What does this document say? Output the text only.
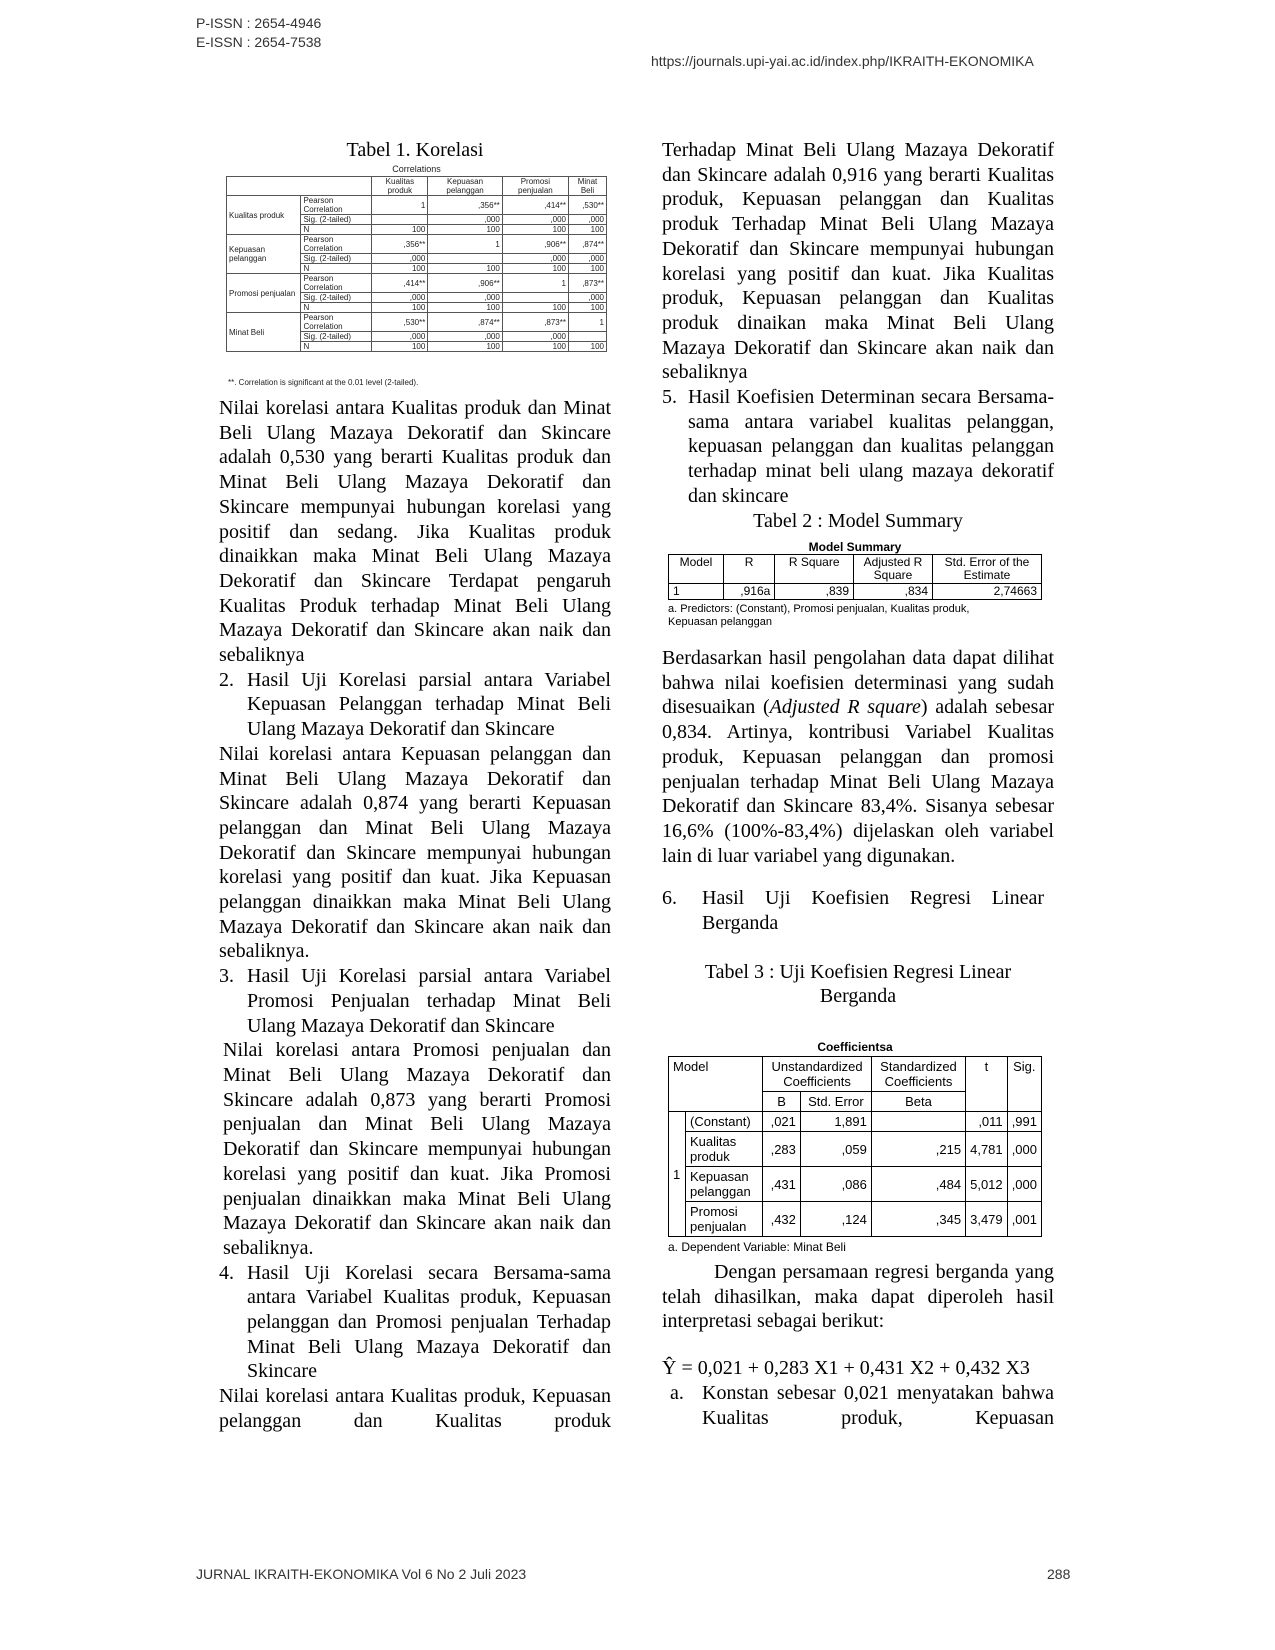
P-ISSN : 2654-4946
E-ISSN : 2654-7538
https://journals.upi-yai.ac.id/index.php/IKRAITH-EKONOMIKA

Tabel 1. Korelasi

Correlations
		Kualitas produk	Kepuasan pelanggan	Promosi penjualan	Minat Beli
Kualitas produk	Pearson Correlation	1	,356**	,414**	,530**
	Sig. (2-tailed)		,000	,000	,000
	N	100	100	100	100
Kepuasan pelanggan	Pearson Correlation	,356**	1	,906**	,874**
	Sig. (2-tailed)	,000		,000	,000
	N	100	100	100	100
Promosi penjualan	Pearson Correlation	,414**	,906**	1	,873**
	Sig. (2-tailed)	,000	,000		,000
	N	100	100	100	100
Minat Beli	Pearson Correlation	,530**	,874**	,873**	1
	Sig. (2-tailed)	,000	,000	,000	
	N	100	100	100	100
**. Correlation is significant at the 0.01 level (2-tailed).

Nilai korelasi antara Kualitas produk dan Minat Beli Ulang Mazaya Dekoratif dan Skincare adalah 0,530 yang berarti Kualitas produk dan Minat Beli Ulang Mazaya Dekoratif dan Skincare mempunyai hubungan korelasi yang positif dan sedang. Jika Kualitas produk dinaikkan maka Minat Beli Ulang Mazaya Dekoratif dan Skincare Terdapat pengaruh Kualitas Produk terhadap Minat Beli Ulang Mazaya Dekoratif dan Skincare akan naik dan sebaliknya

2. Hasil Uji Korelasi parsial antara Variabel Kepuasan Pelanggan terhadap Minat Beli Ulang Mazaya Dekoratif dan Skincare

Nilai korelasi antara Kepuasan pelanggan dan Minat Beli Ulang Mazaya Dekoratif dan Skincare adalah 0,874 yang berarti Kepuasan pelanggan dan Minat Beli Ulang Mazaya Dekoratif dan Skincare mempunyai hubungan korelasi yang positif dan kuat. Jika Kepuasan pelanggan dinaikkan maka Minat Beli Ulang Mazaya Dekoratif dan Skincare akan naik dan sebaliknya.

3. Hasil Uji Korelasi parsial antara Variabel Promosi Penjualan terhadap Minat Beli Ulang Mazaya Dekoratif dan Skincare

Nilai korelasi antara Promosi penjualan dan Minat Beli Ulang Mazaya Dekoratif dan Skincare adalah 0,873 yang berarti Promosi penjualan dan Minat Beli Ulang Mazaya Dekoratif dan Skincare mempunyai hubungan korelasi yang positif dan kuat. Jika Promosi penjualan dinaikkan maka Minat Beli Ulang Mazaya Dekoratif dan Skincare akan naik dan sebaliknya.

4. Hasil Uji Korelasi secara Bersama-sama antara Variabel Kualitas produk, Kepuasan pelanggan dan Promosi penjualan Terhadap Minat Beli Ulang Mazaya Dekoratif dan Skincare

Nilai korelasi antara Kualitas produk, Kepuasan pelanggan dan Kualitas produk

Terhadap Minat Beli Ulang Mazaya Dekoratif dan Skincare adalah 0,916 yang berarti Kualitas produk, Kepuasan pelanggan dan Kualitas produk Terhadap Minat Beli Ulang Mazaya Dekoratif dan Skincare mempunyai hubungan korelasi yang positif dan kuat. Jika Kualitas produk, Kepuasan pelanggan dan Kualitas produk dinaikan maka Minat Beli Ulang Mazaya Dekoratif dan Skincare akan naik dan sebaliknya

5. Hasil Koefisien Determinan secara Bersama-sama antara variabel kualitas pelanggan, kepuasan pelanggan dan kualitas pelanggan terhadap minat beli ulang mazaya dekoratif dan skincare

Tabel 2 : Model Summary

Model Summary
Model	R	R Square	Adjusted R Square	Std. Error of the Estimate
1	,916a	,839	,834	2,74663
a. Predictors: (Constant), Promosi penjualan, Kualitas produk, Kepuasan pelanggan

Berdasarkan hasil pengolahan data dapat dilihat bahwa nilai koefisien determinasi yang sudah disesuaikan (Adjusted R square) adalah sebesar 0,834. Artinya, kontribusi Variabel Kualitas produk, Kepuasan pelanggan dan promosi penjualan terhadap Minat Beli Ulang Mazaya Dekoratif dan Skincare 83,4%. Sisanya sebesar 16,6% (100%-83,4%) dijelaskan oleh variabel lain di luar variabel yang digunakan.

6.	Hasil Uji Koefisien Regresi Linear Berganda

Tabel 3 : Uji Koefisien Regresi Linear Berganda

Coefficientsa
Model		Unstandardized Coefficients		Standardized Coefficients	t	Sig.
		B	Std. Error	Beta		
1	(Constant)	,021	1,891		,011	,991
	Kualitas produk	,283	,059	,215	4,781	,000
	Kepuasan pelanggan	,431	,086	,484	5,012	,000
	Promosi penjualan	,432	,124	,345	3,479	,001
a. Dependent Variable: Minat Beli

Dengan persamaan regresi berganda yang telah dihasilkan, maka dapat diperoleh hasil interpretasi sebagai berikut:

Ŷ = 0,021 + 0,283 X1 + 0,431 X2 + 0,432 X3

a. Konstan sebesar 0,021 menyatakan bahwa Kualitas produk, Kepuasan

JURNAL IKRAITH-EKONOMIKA Vol 6 No 2 Juli 2023	288
